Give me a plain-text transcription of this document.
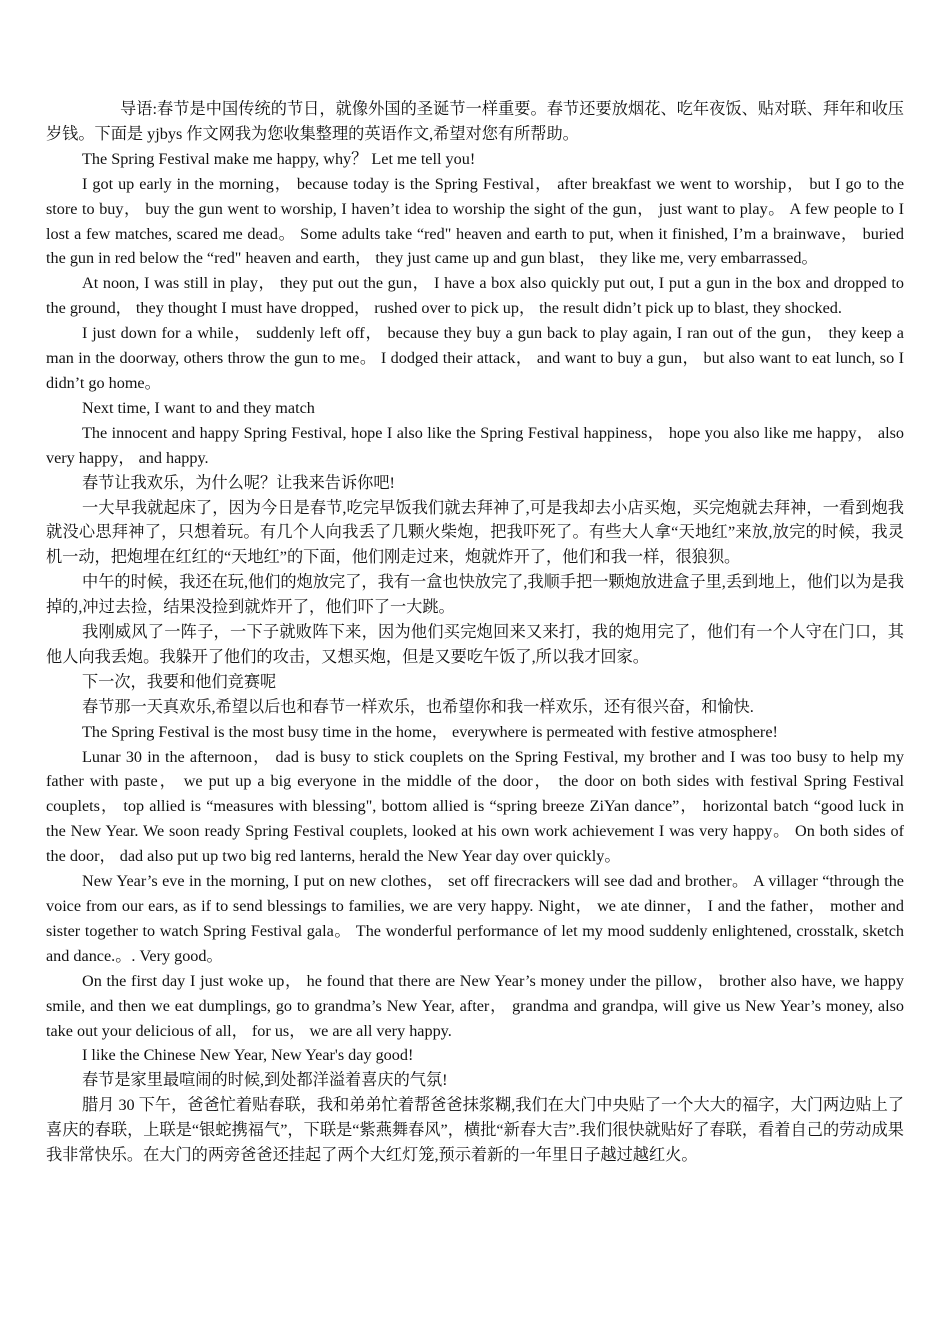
导语:春节是中国传统的节日，就像外国的圣诞节一样重要。春节还要放烟花、吃年夜饭、贴对联、拜年和收压岁钱。下面是 yjbys 作文网我为您收集整理的英语作文,希望对您有所帮助。

The Spring Festival make me happy, why？ Let me tell you!

I got up early in the morning， because today is the Spring Festival， after breakfast we went to worship， but I go to the store to buy， buy the gun went to worship, I haven’t idea to worship the sight of the gun， just want to play。 A few people to I lost a few matches, scared me dead。 Some adults take “red" heaven and earth to put, when it finished, I’m a brainwave， buried the gun in red below the “red" heaven and earth， they just came up and gun blast， they like me, very embarrassed。

At noon, I was still in play， they put out the gun， I have a box also quickly put out, I put a gun in the box and dropped to the ground， they thought I must have dropped， rushed over to pick up， the result didn’t pick up to blast, they shocked.

I just down for a while， suddenly left off， because they buy a gun back to play again, I ran out of the gun， they keep a man in the doorway, others throw the gun to me。 I dodged their attack， and want to buy a gun， but also want to eat lunch, so I didn’t go home。

Next time, I want to and they match

The innocent and happy Spring Festival, hope I also like the Spring Festival happiness， hope you also like me happy， also very happy， and happy.

春节让我欢乐，为什么呢？让我来告诉你吧!

一大早我就起床了，因为今日是春节,吃完早饭我们就去拜神了,可是我却去小店买炮，买完炮就去拜神，一看到炮我就没心思拜神了，只想着玩。有几个人向我丢了几颗火柴炮，把我吓死了。有些大人拿“天地红”来放,放完的时候，我灵机一动，把炮埋在红红的“天地红”的下面，他们刚走过来，炮就炸开了，他们和我一样，很狼狈。

中午的时候，我还在玩,他们的炮放完了，我有一盒也快放完了,我顺手把一颗炮放进盒子里,丢到地上，他们以为是我掉的,冲过去捡，结果没捡到就炸开了，他们吓了一大跳。

我刚威风了一阵子，一下子就败阵下来，因为他们买完炮回来又来打，我的炮用完了，他们有一个人守在门口，其他人向我丢炮。我躲开了他们的攻击，又想买炮，但是又要吃午饭了,所以我才回家。

下一次，我要和他们竞赛呢

春节那一天真欢乐,希望以后也和春节一样欢乐，也希望你和我一样欢乐，还有很兴奋，和愉快.

The Spring Festival is the most busy time in the home， everywhere is permeated with festive atmosphere!

Lunar 30 in the afternoon， dad is busy to stick couplets on the Spring Festival, my brother and I was too busy to help my father with paste， we put up a big everyone in the middle of the door， the door on both sides with festival Spring Festival couplets， top allied is “measures with blessing", bottom allied is “spring breeze ZiYan dance”， horizontal batch “good luck in the New Year. We soon ready Spring Festival couplets, looked at his own work achievement I was very happy。 On both sides of the door， dad also put up two big red lanterns, herald the New Year day over quickly。

New Year’s eve in the morning, I put on new clothes， set off firecrackers will see dad and brother。 A villager “through the voice from our ears, as if to send blessings to families, we are very happy. Night， we ate dinner， I and the father， mother and sister together to watch Spring Festival gala。 The wonderful performance of let my mood suddenly enlightened, crosstalk, sketch and dance.。. Very good。

On the first day I just woke up， he found that there are New Year’s money under the pillow， brother also have, we happy smile, and then we eat dumplings, go to grandma’s New Year, after， grandma and grandpa, will give us New Year’s money, also take out your delicious of all， for us， we are all very happy.

I like the Chinese New Year, New Year's day good!

春节是家里最喧闹的时候,到处都洋溢着喜庆的气氛!

腊月 30 下午，爸爸忙着贴春联，我和弟弟忙着帮爸爸抹浆糊,我们在大门中央贴了一个大大的福字，大门两边贴上了喜庆的春联，上联是“银蛇携福气”，下联是“紫燕舞春风”，横批“新春大吉”.我们很快就贴好了春联，看着自己的劳动成果我非常快乐。在大门的两旁爸爸还挂起了两个大红灯笼,预示着新的一年里日子越过越红火。
